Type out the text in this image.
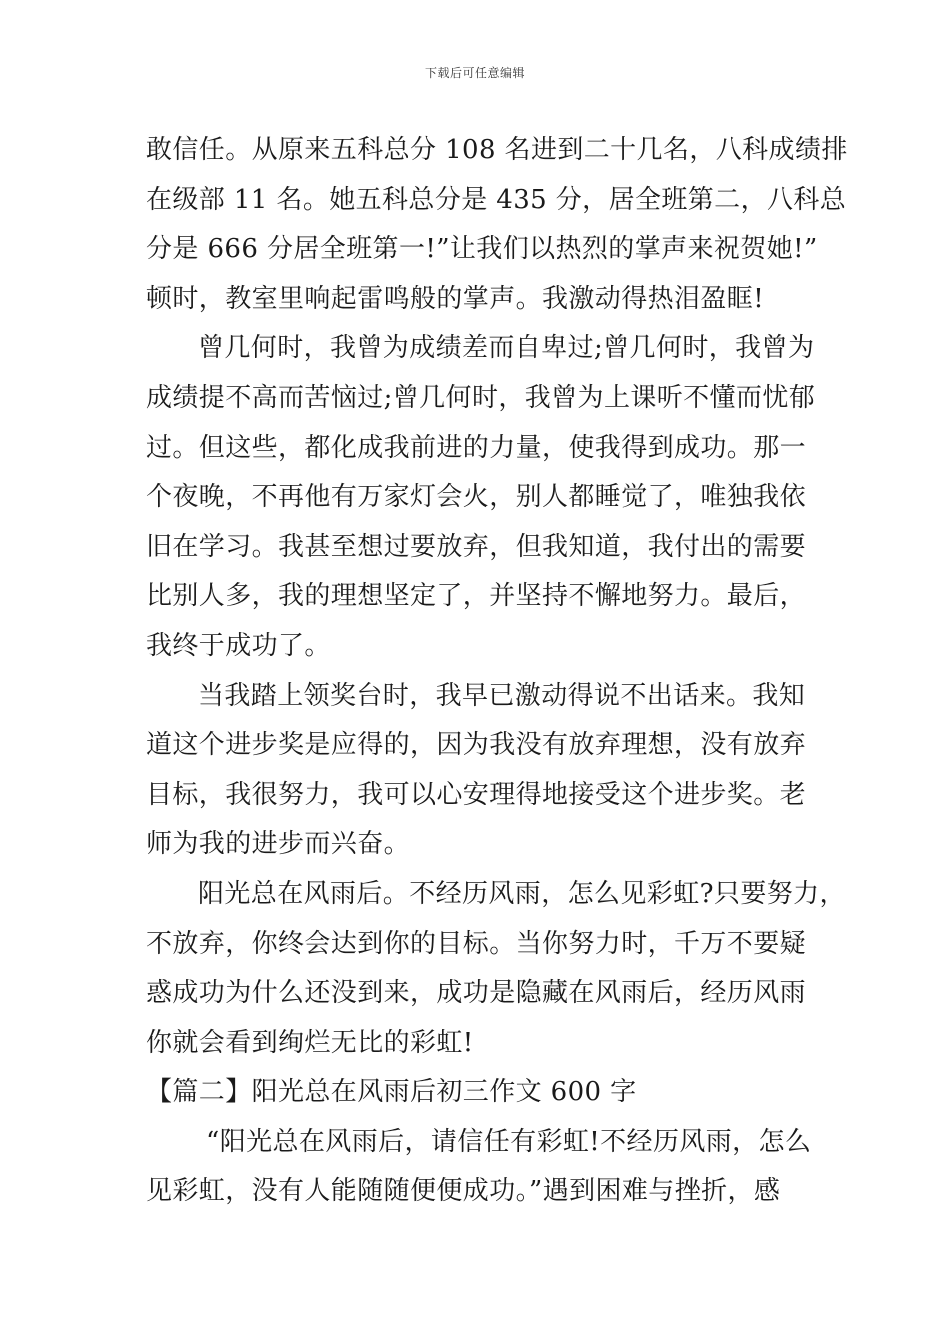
下载后可任意编辑
敢信任。从原来五科总分 108 名进到二十几名，八科成绩排
在级部 11 名。她五科总分是 435 分，居全班第二，八科总
分是 666 分居全班第一!”让我们以热烈的掌声来祝贺她!”
顿时，教室里响起雷鸣般的掌声。我激动得热泪盈眶!
曾几何时，我曾为成绩差而自卑过;曾几何时，我曾为
成绩提不高而苦恼过;曾几何时，我曾为上课听不懂而忧郁
过。但这些，都化成我前进的力量，使我得到成功。那一
个夜晚，不再他有万家灯会火，别人都睡觉了，唯独我依
旧在学习。我甚至想过要放弃，但我知道，我付出的需要
比别人多，我的理想坚定了，并坚持不懈地努力。最后，
我终于成功了。
当我踏上领奖台时，我早已激动得说不出话来。我知
道这个进步奖是应得的，因为我没有放弃理想，没有放弃
目标，我很努力，我可以心安理得地接受这个进步奖。老
师为我的进步而兴奋。
阳光总在风雨后。不经历风雨，怎么见彩虹?只要努力，
不放弃，你终会达到你的目标。当你努力时，千万不要疑
惑成功为什么还没到来，成功是隐藏在风雨后，经历风雨
你就会看到绚烂无比的彩虹!
【篇二】阳光总在风雨后初三作文 600 字
“阳光总在风雨后，请信任有彩虹!不经历风雨，怎么
见彩虹，没有人能随随便便成功。”遇到困难与挫折，感
